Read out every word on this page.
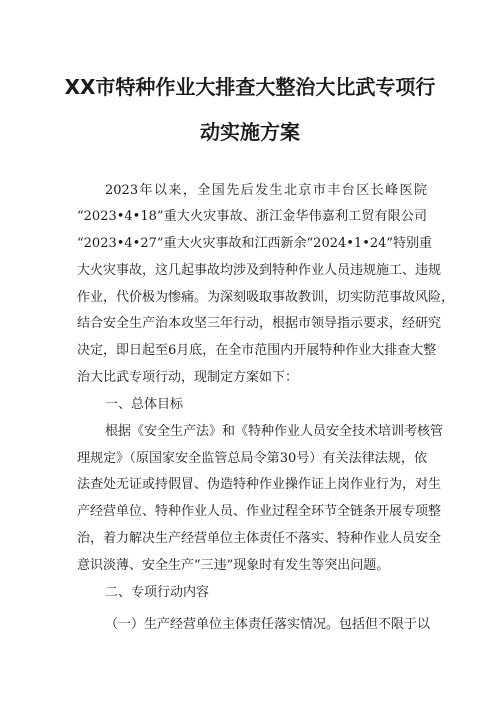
XX市特种作业大排查大整治大比武专项行
动实施方案
2023年以来，全国先后发生北京市丰台区长峰医院
“2023•4•18”重大火灾事故、浙江金华伟嘉利工贸有限公司
“2023•4•27”重大火灾事故和江西新余“2024•1•24”特别重
大火灾事故，这几起事故均涉及到特种作业人员违规施工、违规
作业，代价极为惨痛。为深刻吸取事故教训，切实防范事故风险，
结合安全生产治本攻坚三年行动，根据市领导指示要求，经研究
决定，即日起至6月底，在全市范围内开展特种作业大排查大整
治大比武专项行动，现制定方案如下：
一、总体目标
根据《安全生产法》和《特种作业人员安全技术培训考核管
理规定》（原国家安全监管总局令第30号）有关法律法规，依
法查处无证或持假冒、伪造特种作业操作证上岗作业行为，对生
产经营单位、特种作业人员、作业过程全环节全链条开展专项整
治，着力解决生产经营单位主体责任不落实、特种作业人员安全
意识淡薄、安全生产“三违”现象时有发生等突出问题。
二、专项行动内容
（一）生产经营单位主体责任落实情况。包括但不限于以
